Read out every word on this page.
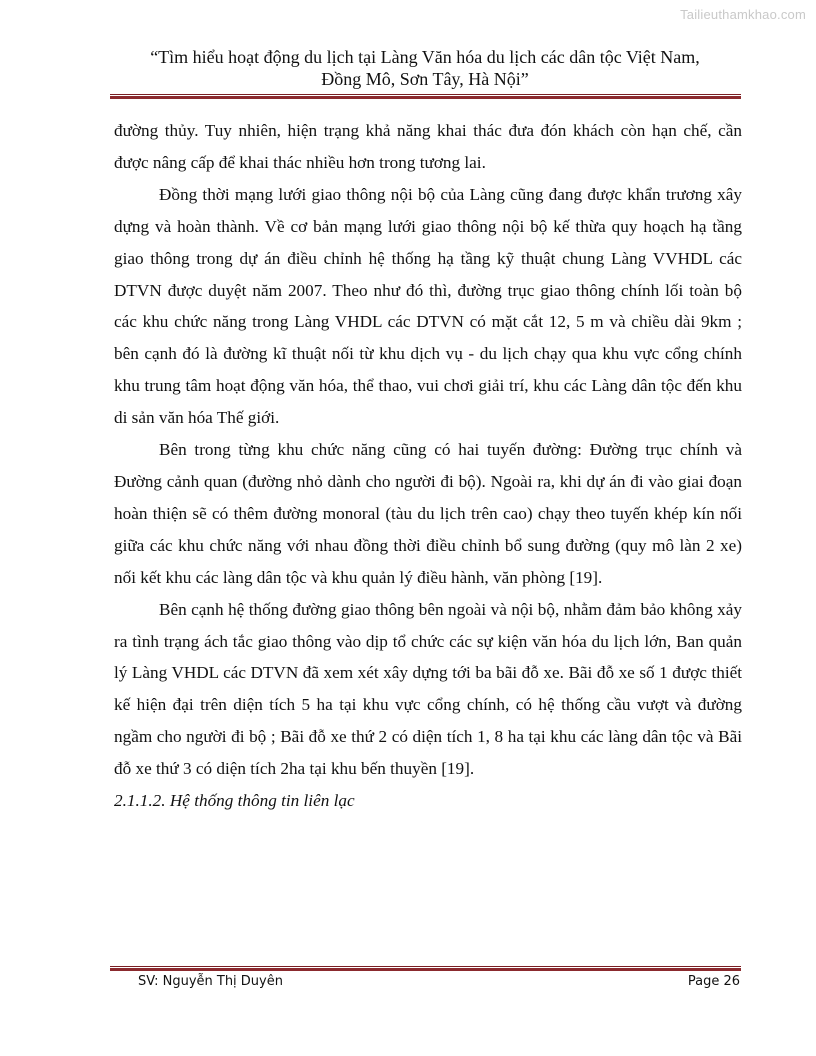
Tailieuthamkhao.com
“Tìm hiểu hoạt động du lịch tại Làng Văn hóa du lịch các dân tộc Việt Nam,
Đồng Mô, Sơn Tây, Hà Nội”

đường thủy. Tuy nhiên, hiện trạng khả năng khai thác đưa đón khách còn hạn chế, cần được nâng cấp để khai thác nhiều hơn trong tương lai.

Đồng thời mạng lưới giao thông nội bộ của Làng cũng đang được khẩn trương xây dựng và hoàn thành. Về cơ bản mạng lưới giao thông nội bộ kế thừa quy hoạch hạ tầng giao thông trong dự án điều chỉnh hệ thống hạ tầng kỹ thuật chung Làng VVHDL các DTVN được duyệt năm 2007. Theo như đó thì, đường trục giao thông chính lối toàn bộ các khu chức năng trong Làng VHDL các DTVN có mặt cắt 12, 5 m và chiều dài 9km ; bên cạnh đó là đường kĩ thuật nối từ khu dịch vụ - du lịch chạy qua khu vực cổng chính khu trung tâm hoạt động văn hóa, thể thao, vui chơi giải trí, khu các Làng dân tộc đến khu di sản văn hóa Thế giới.

Bên trong từng khu chức năng cũng có hai tuyến đường: Đường trục chính và Đường cảnh quan (đường nhỏ dành cho người đi bộ). Ngoài ra, khi dự án đi vào giai đoạn hoàn thiện sẽ có thêm đường monoral (tàu du lịch trên cao) chạy theo tuyến khép kín nối giữa các khu chức năng với nhau đồng thời điều chỉnh bổ sung đường (quy mô làn 2 xe) nối kết khu các làng dân tộc và khu quản lý điều hành, văn phòng [19].

Bên cạnh hệ thống đường giao thông bên ngoài và nội bộ, nhằm đảm bảo không xảy ra tình trạng ách tắc giao thông vào dịp tổ chức các sự kiện văn hóa du lịch lớn, Ban quản lý Làng VHDL các DTVN đã xem xét xây dựng tới ba bãi đỗ xe. Bãi đỗ xe số 1 được thiết kế hiện đại trên diện tích 5 ha tại khu vực cổng chính, có hệ thống cầu vượt và đường ngầm cho người đi bộ ; Bãi đỗ xe thứ 2 có diện tích 1, 8 ha tại khu các làng dân tộc và Bãi đỗ xe thứ 3 có diện tích 2ha tại khu bến thuyền [19].

2.1.1.2. Hệ thống thông tin liên lạc

SV: Nguyễn Thị Duyên	Page 26
